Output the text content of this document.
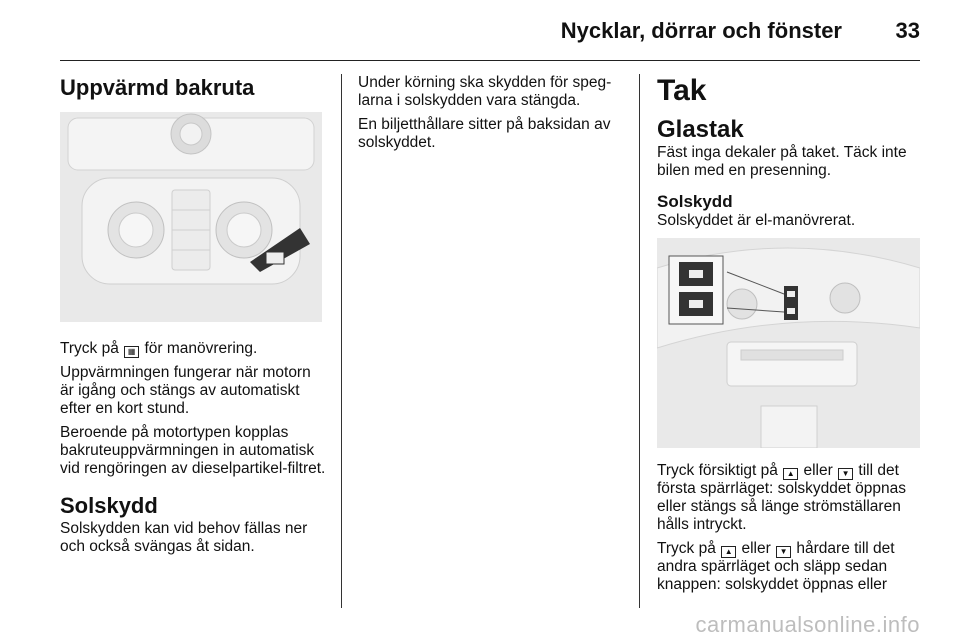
Nycklar, dörrar och fönster 33
Uppvärmd bakruta

Tryck på ▦ för manövrering.

Uppvärmningen fungerar när motorn är igång och stängs av automatiskt efter en kort stund.

Beroende på motortypen kopplas bakruteuppvärmningen in automatisk vid rengöringen av dieselpartikel-filtret.

Solskydd

Solskydden kan vid behov fällas ner och också svängas åt sidan.

Under körning ska skydden för speg-larna i solskydden vara stängda.

En biljetthållare sitter på baksidan av solskyddet.

Tak
Glastak

Fäst inga dekaler på taket. Täck inte bilen med en presenning.

Solskydd

Solskyddet är el-manövrerat.

Tryck försiktigt på ▲ eller ▼ till det första spärrläget: solskyddet öppnas eller stängs så länge strömställaren hålls intryckt.

Tryck på ▲ eller ▼ hårdare till det andra spärrläget och släpp sedan knappen: solskyddet öppnas eller

carmanualsonline.info
